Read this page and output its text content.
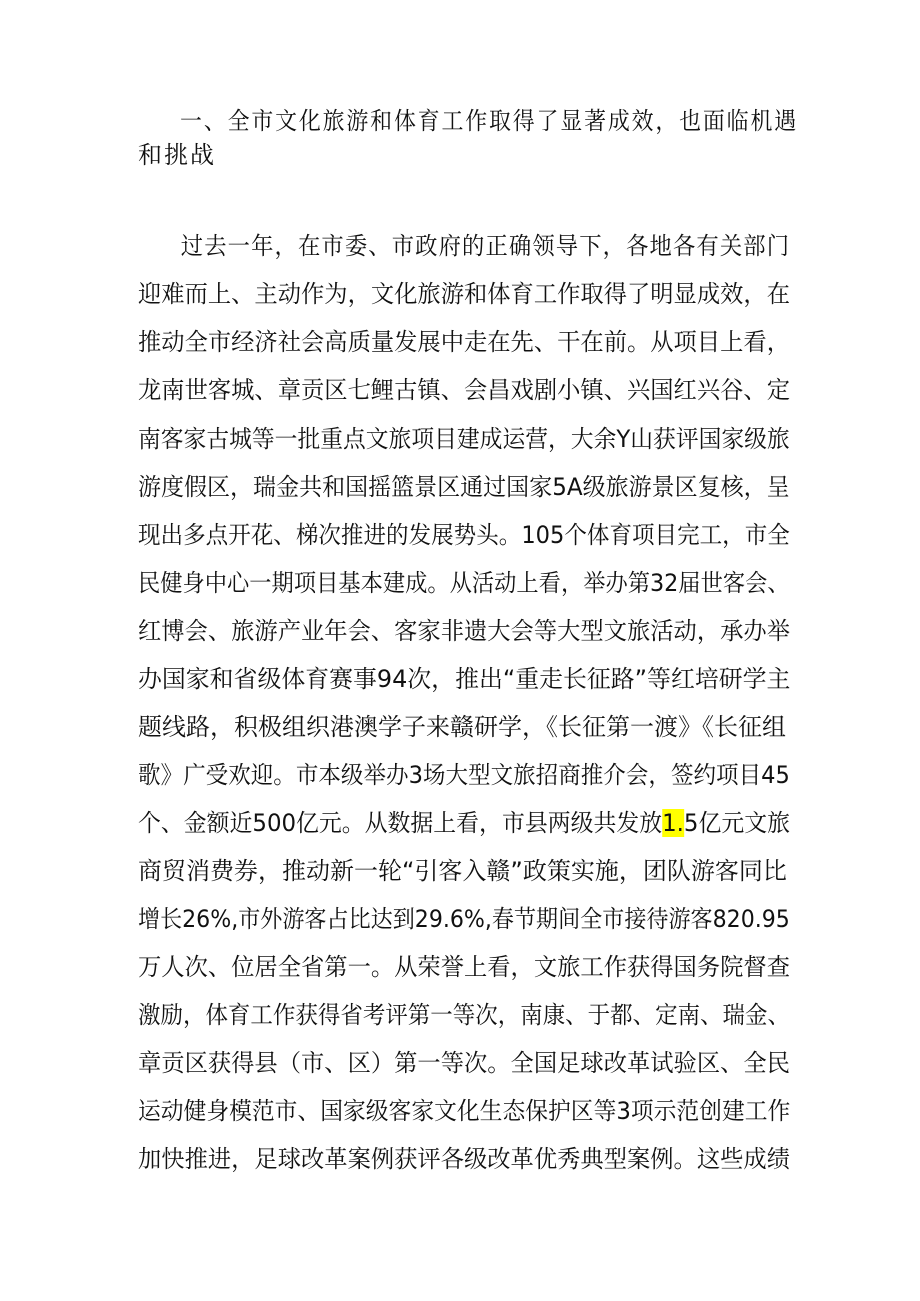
一、全市文化旅游和体育工作取得了显著成效，也面临机遇
和挑战
过去一年，在市委、市政府的正确领导下，各地各有关部门
迎难而上、主动作为，文化旅游和体育工作取得了明显成效，在
推动全市经济社会高质量发展中走在先、干在前。从项目上看，
龙南世客城、章贡区七鲤古镇、会昌戏剧小镇、兴国红兴谷、定
南客家古城等一批重点文旅项目建成运营，大余Y山获评国家级旅
游度假区，瑞金共和国摇篮景区通过国家5A级旅游景区复核，呈
现出多点开花、梯次推进的发展势头。105个体育项目完工，市全
民健身中心一期项目基本建成。从活动上看，举办第32届世客会、
红博会、旅游产业年会、客家非遗大会等大型文旅活动，承办举
办国家和省级体育赛事94次，推出“重走长征路”等红培研学主
题线路，积极组织港澳学子来赣研学，《长征第一渡》《长征组
歌》广受欢迎。市本级举办3场大型文旅招商推介会，签约项目45
个、金额近500亿元。从数据上看，市县两级共发放1.5亿元文旅
商贸消费券，推动新一轮“引客入赣”政策实施，团队游客同比
增长26%,市外游客占比达到29.6%,春节期间全市接待游客820.95
万人次、位居全省第一。从荣誉上看，文旅工作获得国务院督查
激励，体育工作获得省考评第一等次，南康、于都、定南、瑞金、
章贡区获得县（市、区）第一等次。全国足球改革试验区、全民
运动健身模范市、国家级客家文化生态保护区等3项示范创建工作
加快推进，足球改革案例获评各级改革优秀典型案例。这些成绩
